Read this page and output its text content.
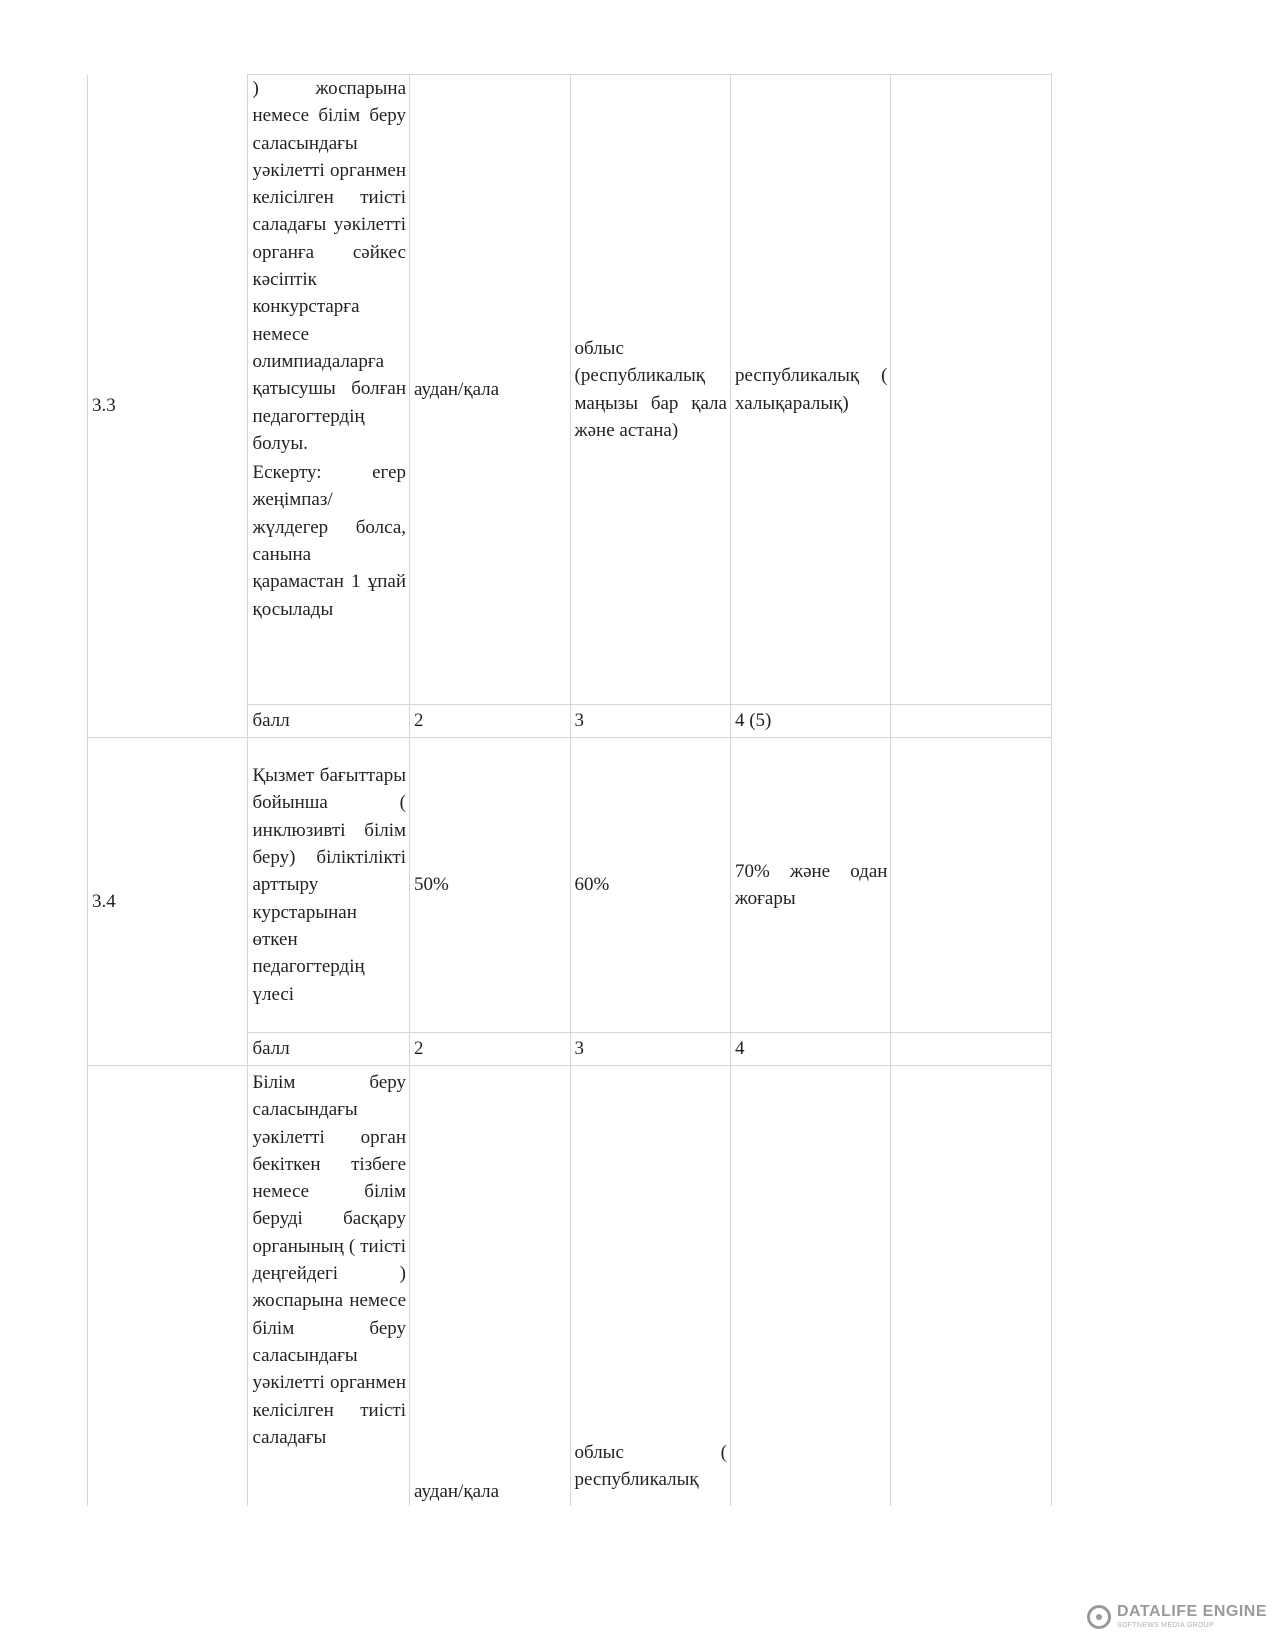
3.3	) жоспарына немесе білім беру саласындағы уәкілетті органмен келісілген тиісті саладағы уәкілетті органға сәйкес кәсіптік конкурстарға немесе олимпиадаларға қатысушы болған педагогтердің болуы.
Ескерту: егер жеңімпаз/ жүлдегер болса, санына қарамастан 1 ұпай қосылады	аудан/қала	облыс (республикалық маңызы бар қала және астана)	республикалық ( халықаралық)	
	балл	2	3	4 (5)	
3.4	Қызмет бағыттары бойынша ( инклюзивті білім беру) біліктілікті арттыру курстарынан өткен педагогтердің үлесі	50%	60%	70% және одан жоғары	
	балл	2	3	4	
	Білім беру саласындағы уәкілетті орган бекіткен тізбеге немесе білім беруді басқару органының ( тиісті деңгейдегі ) жоспарына немесе білім беру саласындағы уәкілетті органмен келісілген тиісті саладағы	аудан/қала	облыс ( республикалық		
DATALIFE ENGINE
SOFTNEWS MEDIA GROUP
